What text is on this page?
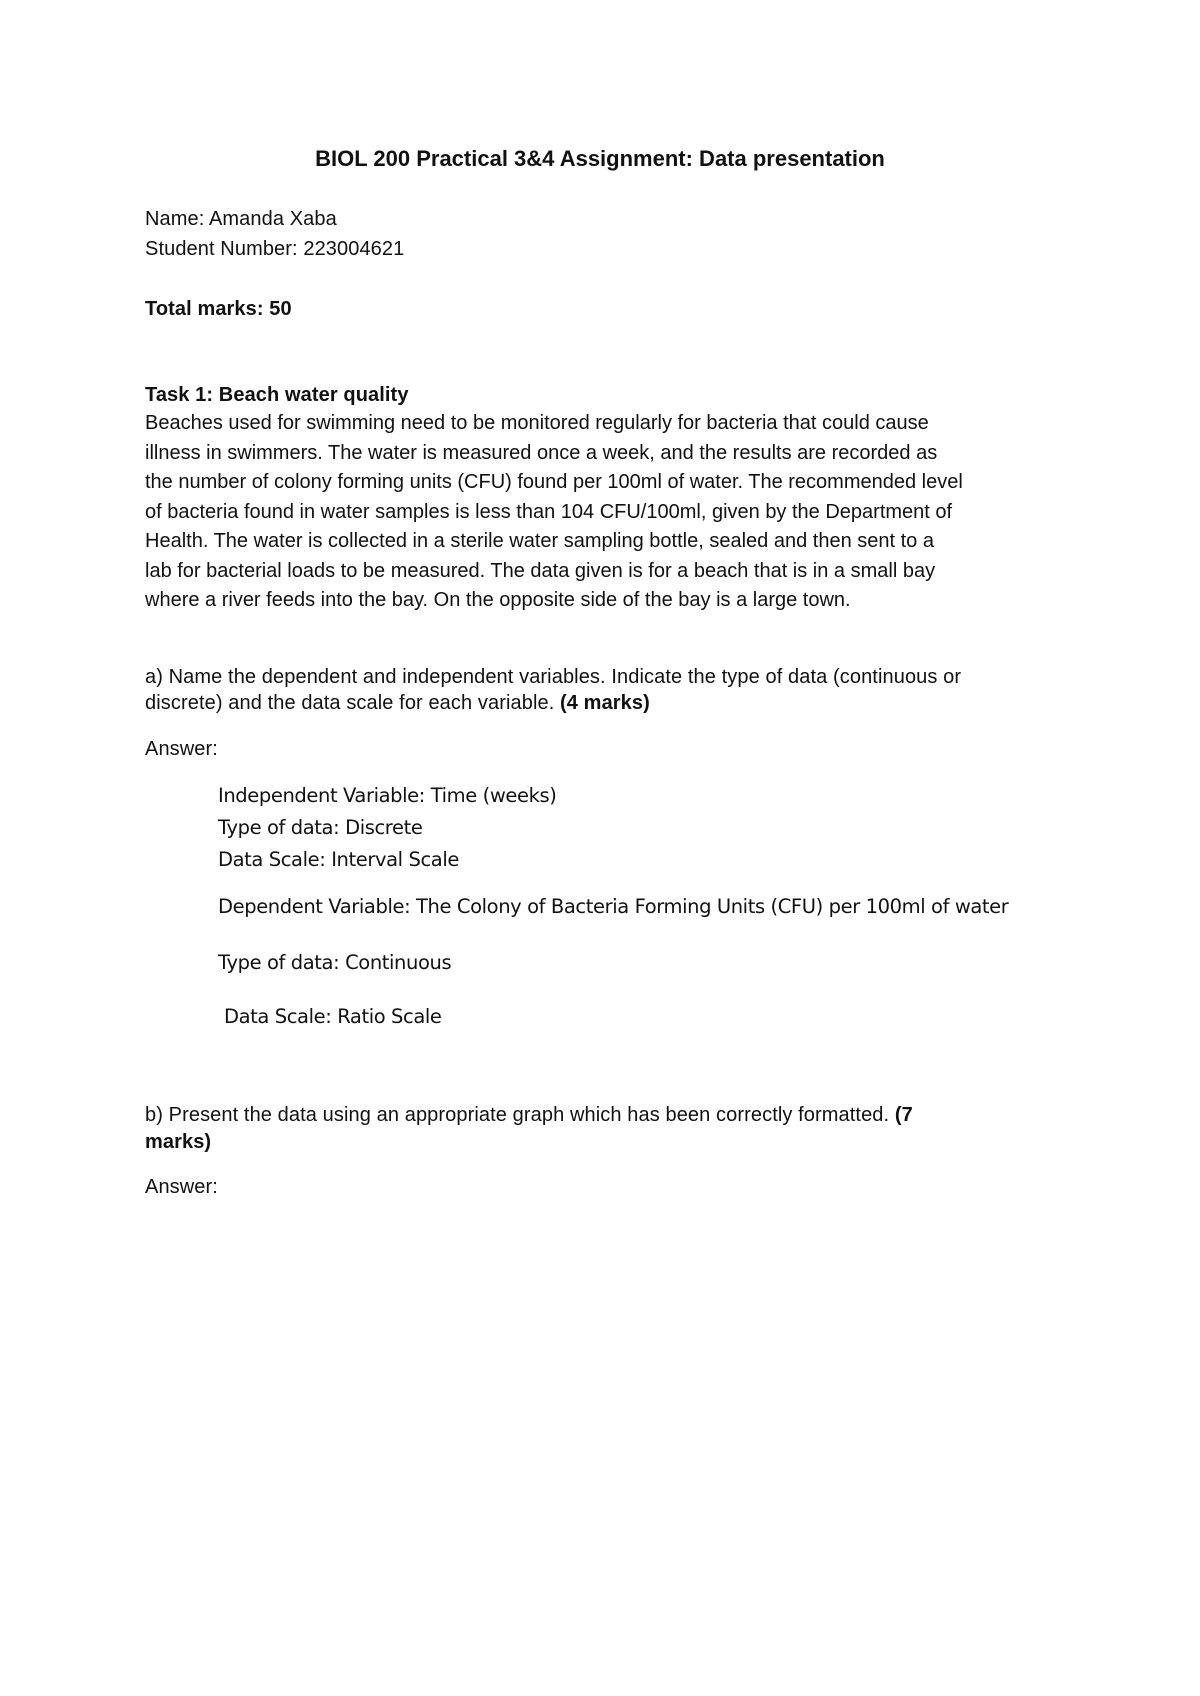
BIOL 200 Practical 3&4 Assignment: Data presentation
Name: Amanda Xaba
Student Number: 223004621
Total marks: 50
Task 1: Beach water quality
Beaches used for swimming need to be monitored regularly for bacteria that could cause
illness in swimmers. The water is measured once a week, and the results are recorded as
the number of colony forming units (CFU) found per 100ml of water. The recommended level
of bacteria found in water samples is less than 104 CFU/100ml, given by the Department of
Health. The water is collected in a sterile water sampling bottle, sealed and then sent to a
lab for bacterial loads to be measured. The data given is for a beach that is in a small bay
where a river feeds into the bay. On the opposite side of the bay is a large town.
a) Name the dependent and independent variables. Indicate the type of data (continuous or
discrete) and the data scale for each variable. (4 marks)
Answer:
Independent Variable: Time (weeks)
Type of data: Discrete
Data Scale: Interval Scale
Dependent Variable: The Colony of Bacteria Forming Units (CFU) per 100ml of water
Type of data: Continuous
Data Scale: Ratio Scale
b) Present the data using an appropriate graph which has been correctly formatted. (7
marks)
Answer:
